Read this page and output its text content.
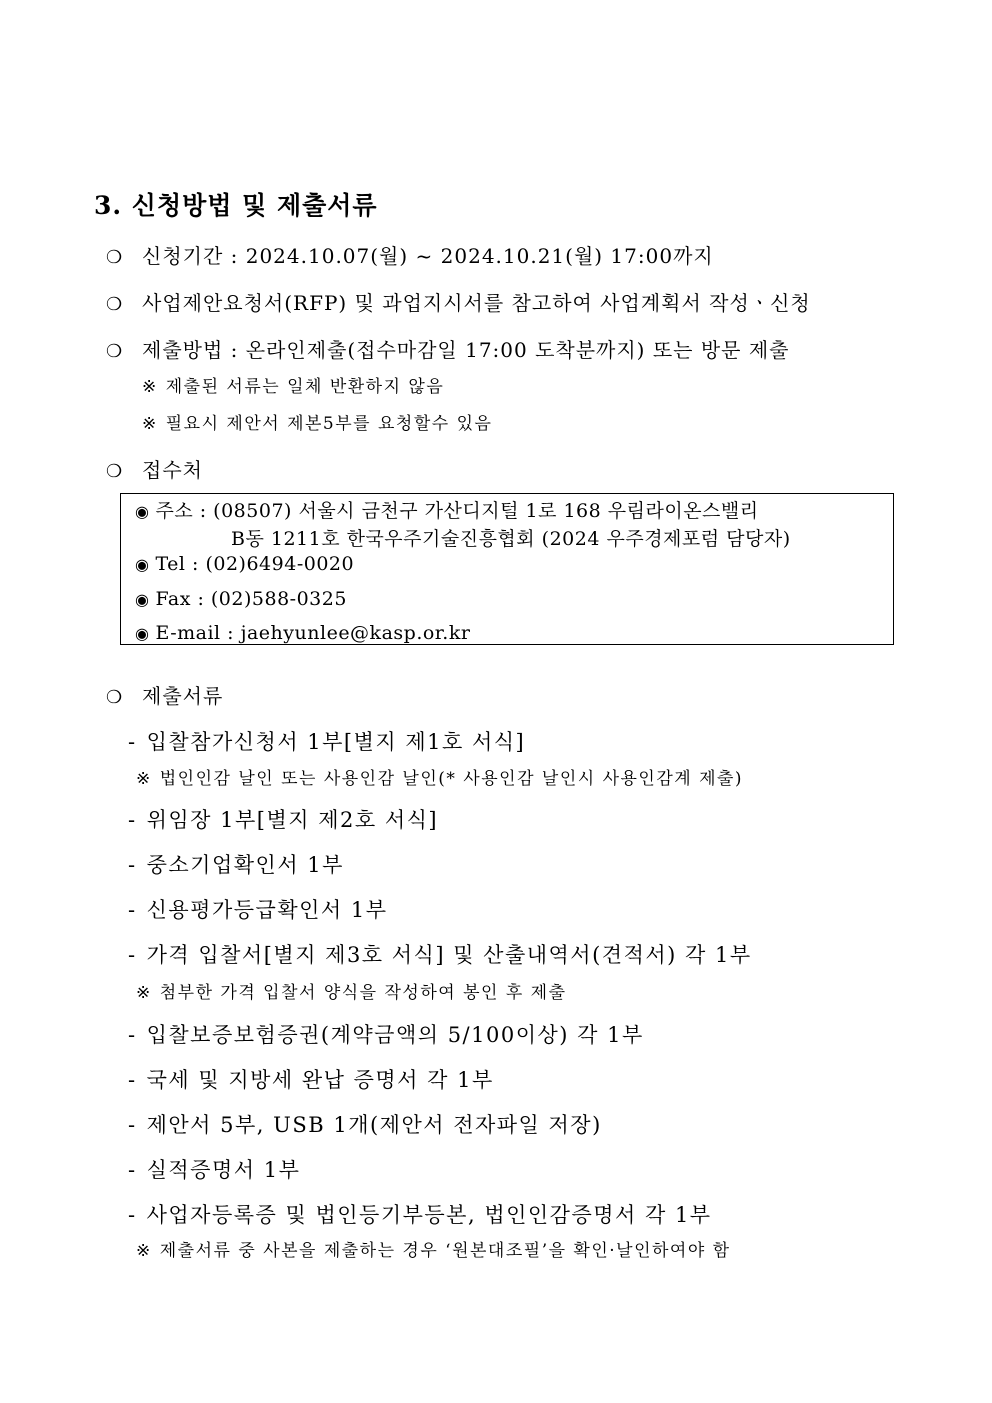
3. 신청방법 및 제출서류
❍ 신청기간 : 2024.10.07(월) ~ 2024.10.21(월) 17:00까지
❍ 사업제안요청서(RFP) 및 과업지시서를 참고하여 사업계획서 작성ㆍ신청
❍ 제출방법 : 온라인제출(접수마감일 17:00 도착분까지) 또는 방문 제출
※ 제출된 서류는 일체 반환하지 않음
※ 필요시 제안서 제본5부를 요청할수 있음
❍ 접수처
◉ 주소 : (08507) 서울시 금천구 가산디지털 1로 168 우림라이온스밸리
B동 1211호 한국우주기술진흥협회 (2024 우주경제포럼 담당자)
◉ Tel : (02)6494-0020
◉ Fax : (02)588-0325
◉ E-mail : jaehyunlee@kasp.or.kr
❍ 제출서류
- 입찰참가신청서 1부[별지 제1호 서식]
※ 법인인감 날인 또는 사용인감 날인(* 사용인감 날인시 사용인감계 제출)
- 위임장 1부[별지 제2호 서식]
- 중소기업확인서 1부
- 신용평가등급확인서 1부
- 가격 입찰서[별지 제3호 서식] 및 산출내역서(견적서) 각 1부
※ 첨부한 가격 입찰서 양식을 작성하여 봉인 후 제출
- 입찰보증보험증권(계약금액의 5/100이상) 각 1부
- 국세 및 지방세 완납 증명서 각 1부
- 제안서 5부, USB 1개(제안서 전자파일 저장)
- 실적증명서 1부
- 사업자등록증 및 법인등기부등본, 법인인감증명서 각 1부
※ 제출서류 중 사본을 제출하는 경우 ‘원본대조필’을 확인·날인하여야 함
